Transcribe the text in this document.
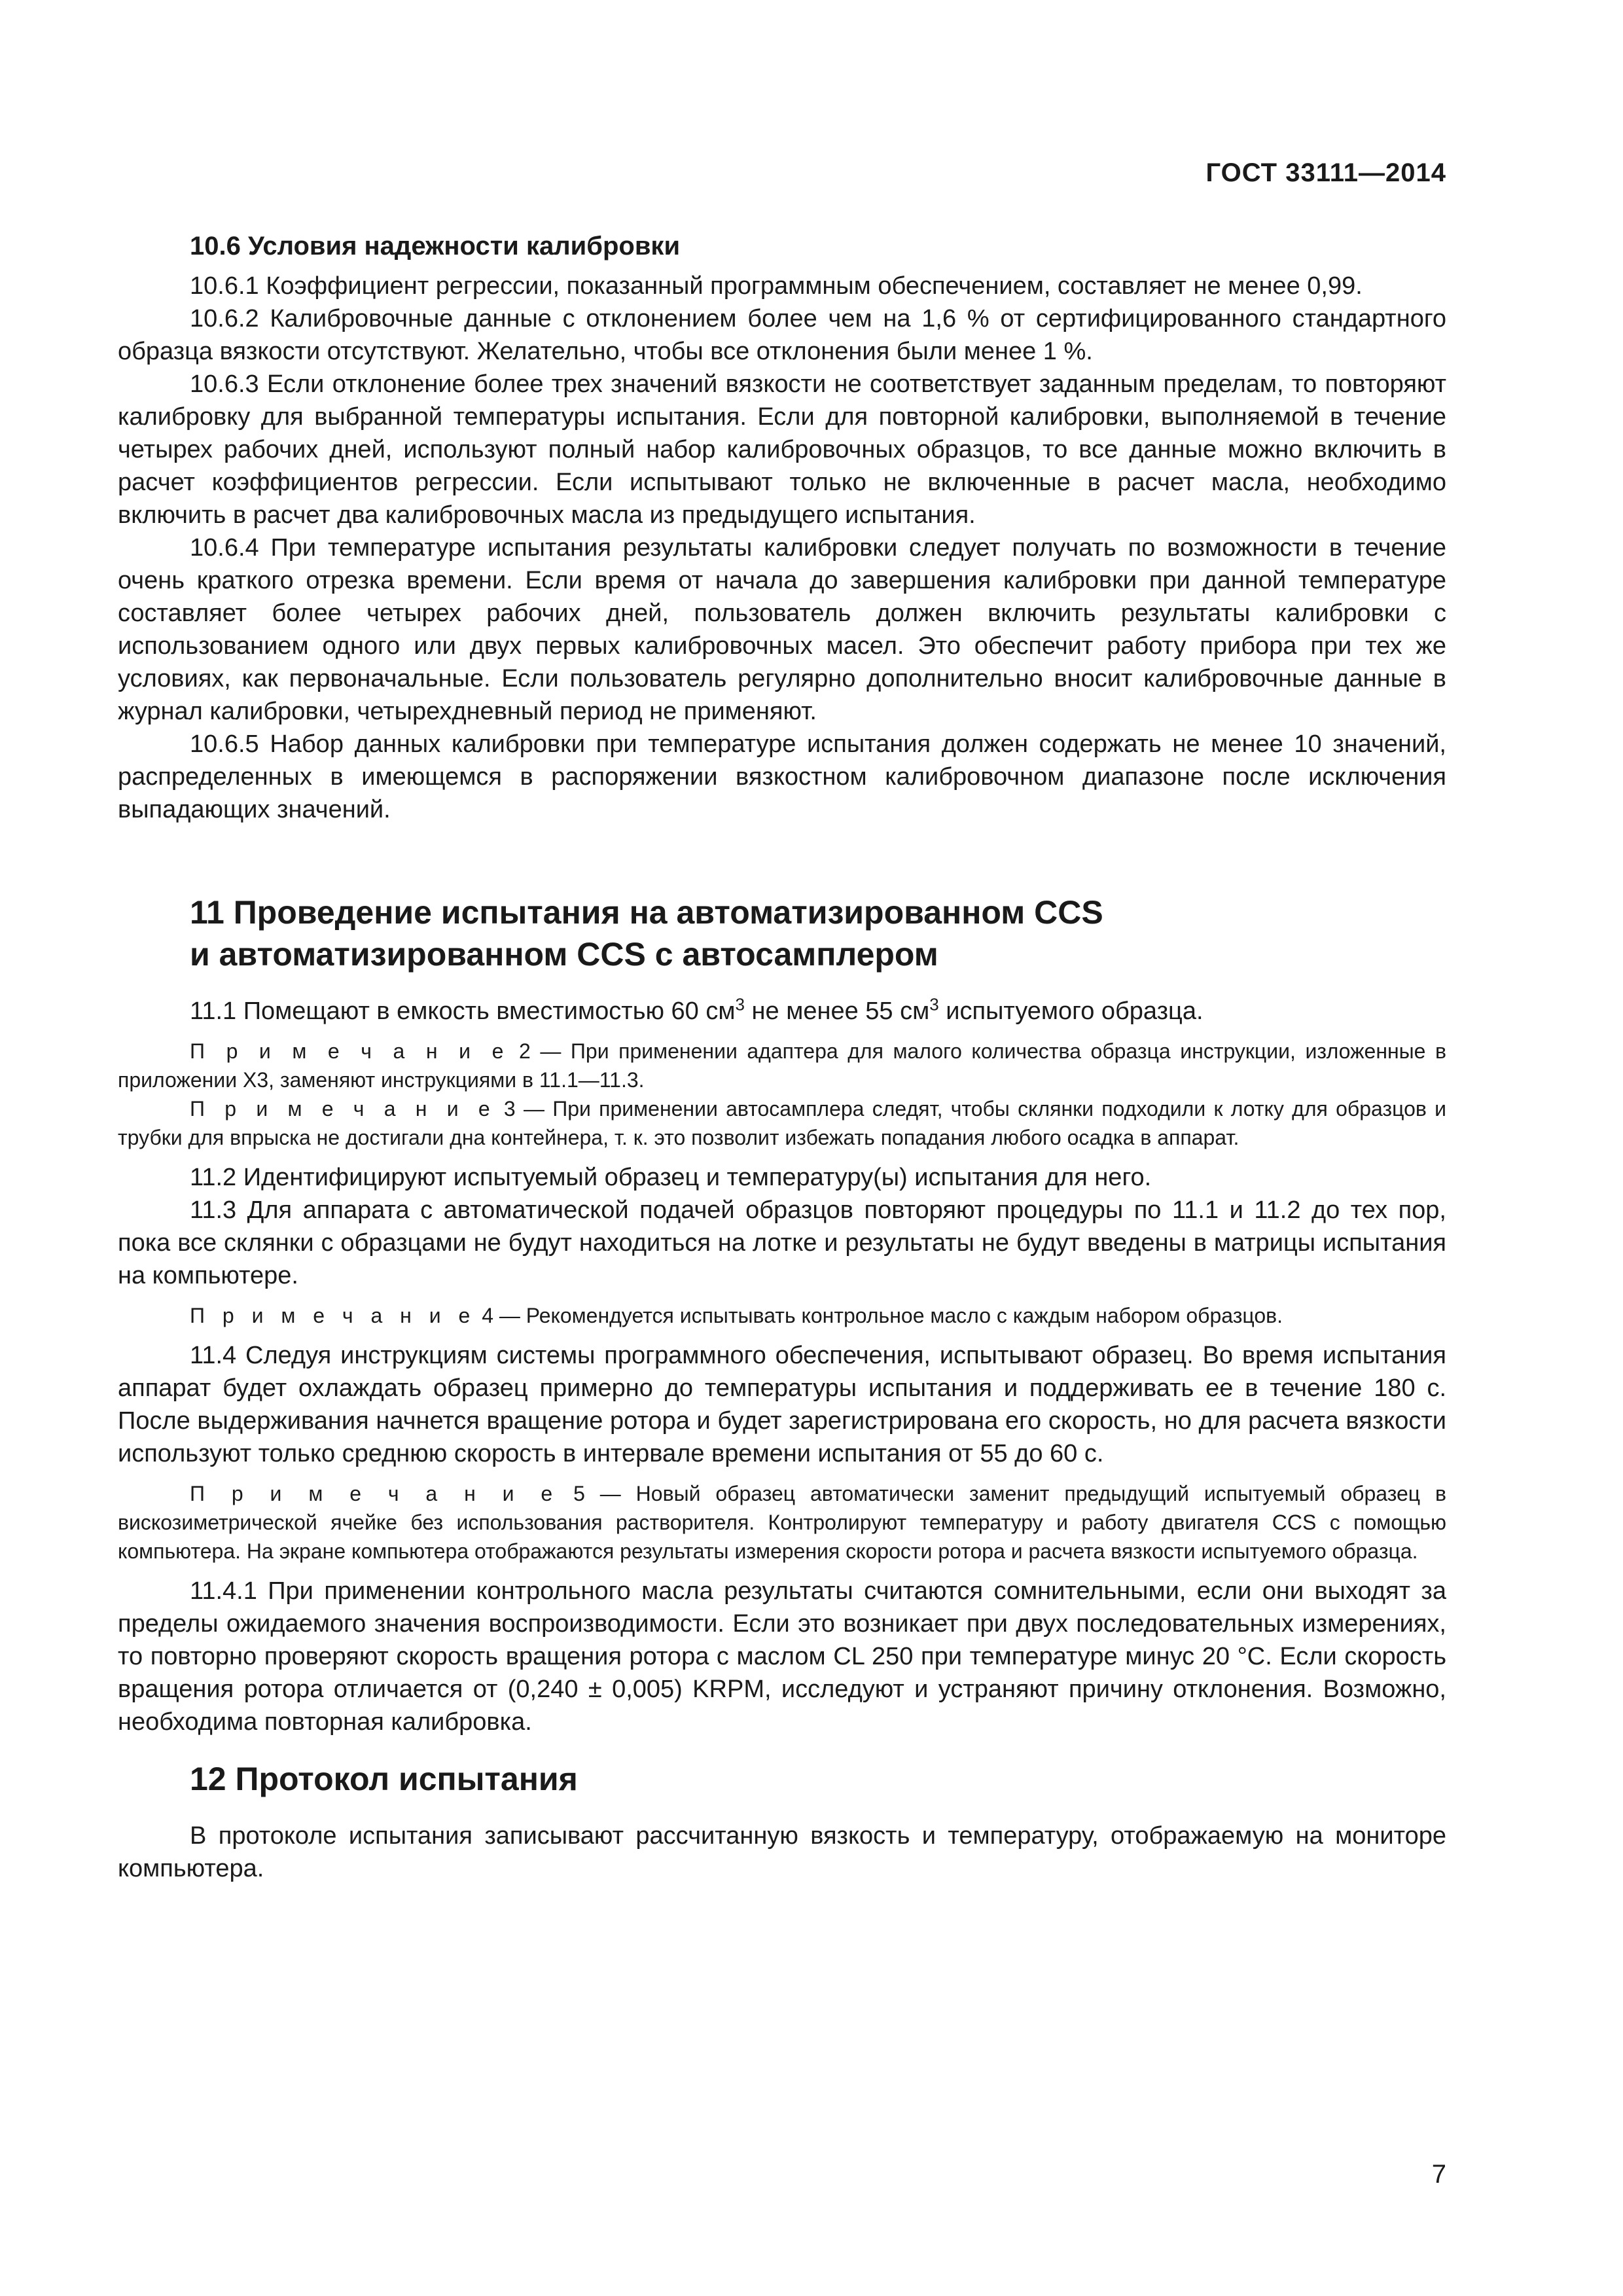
ГОСТ 33111—2014
10.6 Условия надежности калибровки

10.6.1 Коэффициент регрессии, показанный программным обеспечением, составляет не менее 0,99.

10.6.2 Калибровочные данные с отклонением более чем на 1,6 % от сертифицированного стандартного образца вязкости отсутствуют. Желательно, чтобы все отклонения были менее 1 %.

10.6.3 Если отклонение более трех значений вязкости не соответствует заданным пределам, то повторяют калибровку для выбранной температуры испытания. Если для повторной калибровки, выполняемой в течение четырех рабочих дней, используют полный набор калибровочных образцов, то все данные можно включить в расчет коэффициентов регрессии. Если испытывают только не включенные в расчет масла, необходимо включить в расчет два калибровочных масла из предыдущего испытания.

10.6.4 При температуре испытания результаты калибровки следует получать по возможности в течение очень краткого отрезка времени. Если время от начала до завершения калибровки при данной температуре составляет более четырех рабочих дней, пользователь должен включить результаты калибровки с использованием одного или двух первых калибровочных масел. Это обеспечит работу прибора при тех же условиях, как первоначальные. Если пользователь регулярно дополнительно вносит калибровочные данные в журнал калибровки, четырехдневный период не применяют.

10.6.5 Набор данных калибровки при температуре испытания должен содержать не менее 10 значений, распределенных в имеющемся в распоряжении вязкостном калибровочном диапазоне после исключения выпадающих значений.

11 Проведение испытания на автоматизированном CCS
и автоматизированном CCS с автосамплером

11.1 Помещают в емкость вместимостью 60 $см^3$ не менее 55 $см^3$ испытуемого образца.

П р и м е ч а н и е 2 — При применении адаптера для малого количества образца инструкции, изложенные в приложении X3, заменяют инструкциями в 11.1—11.3.

П р и м е ч а н и е 3 — При применении автосамплера следят, чтобы склянки подходили к лотку для образцов и трубки для впрыска не достигали дна контейнера, т. к. это позволит избежать попадания любого осадка в аппарат.

11.2 Идентифицируют испытуемый образец и температуру(ы) испытания для него.

11.3 Для аппарата с автоматической подачей образцов повторяют процедуры по 11.1 и 11.2 до тех пор, пока все склянки с образцами не будут находиться на лотке и результаты не будут введены в матрицы испытания на компьютере.

П р и м е ч а н и е 4 — Рекомендуется испытывать контрольное масло с каждым набором образцов.

11.4 Следуя инструкциям системы программного обеспечения, испытывают образец. Во время испытания аппарат будет охлаждать образец примерно до температуры испытания и поддерживать ее в течение 180 с. После выдерживания начнется вращение ротора и будет зарегистрирована его скорость, но для расчета вязкости используют только среднюю скорость в интервале времени испытания от 55 до 60 с.

П р и м е ч а н и е 5 — Новый образец автоматически заменит предыдущий испытуемый образец в вискозиметрической ячейке без использования растворителя. Контролируют температуру и работу двигателя CCS с помощью компьютера. На экране компьютера отображаются результаты измерения скорости ротора и расчета вязкости испытуемого образца.

11.4.1 При применении контрольного масла результаты считаются сомнительными, если они выходят за пределы ожидаемого значения воспроизводимости. Если это возникает при двух последовательных измерениях, то повторно проверяют скорость вращения ротора с маслом CL 250 при температуре минус 20 °С. Если скорость вращения ротора отличается от (0,240 ± 0,005) KRPM, исследуют и устраняют причину отклонения. Возможно, необходима повторная калибровка.

12 Протокол испытания

В протоколе испытания записывают рассчитанную вязкость и температуру, отображаемую на мониторе компьютера.

7
